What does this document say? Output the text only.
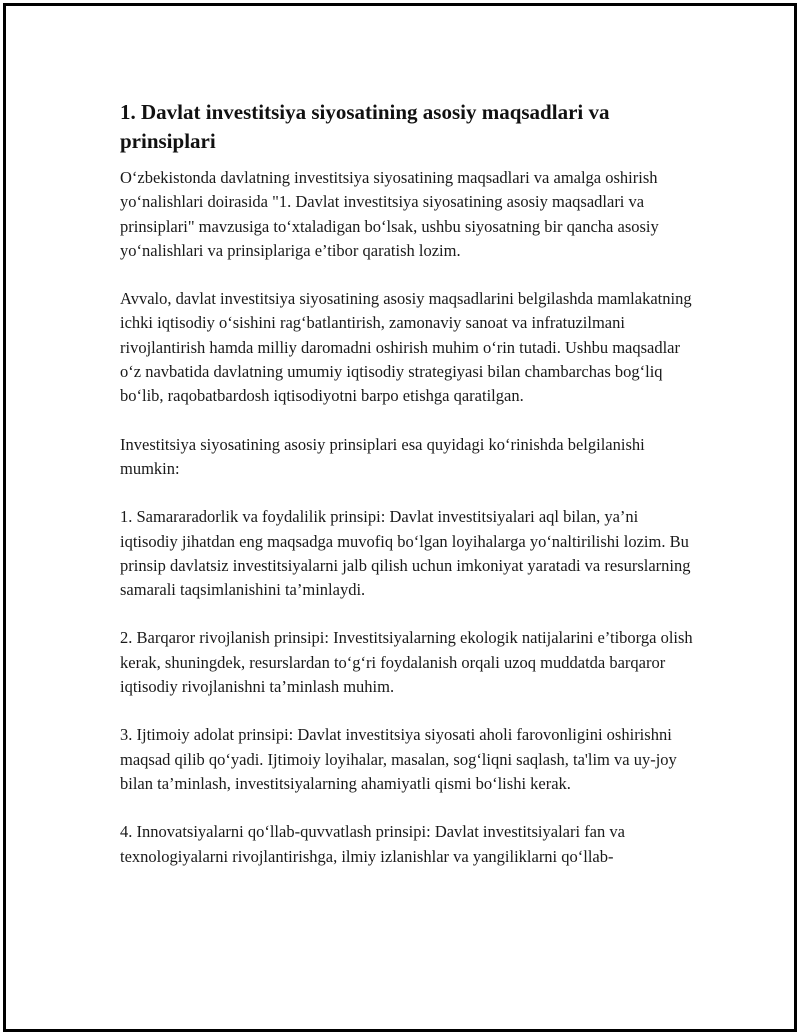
1. Davlat investitsiya siyosatining asosiy maqsadlari va prinsiplari

O‘zbekistonda davlatning investitsiya siyosatining maqsadlari va amalga oshirish yo‘nalishlari doirasida "1. Davlat investitsiya siyosatining asosiy maqsadlari va prinsiplari" mavzusiga to‘xtaladigan bo‘lsak, ushbu siyosatning bir qancha asosiy yo‘nalishlari va prinsiplariga e’tibor qaratish lozim.

Avvalo, davlat investitsiya siyosatining asosiy maqsadlarini belgilashda mamlakatning ichki iqtisodiy o‘sishini rag‘batlantirish, zamonaviy sanoat va infratuzilmani rivojlantirish hamda milliy daromadni oshirish muhim o‘rin tutadi. Ushbu maqsadlar o‘z navbatida davlatning umumiy iqtisodiy strategiyasi bilan chambarchas bog‘liq bo‘lib, raqobatbardosh iqtisodiyotni barpo etishga qaratilgan.

Investitsiya siyosatining asosiy prinsiplari esa quyidagi ko‘rinishda belgilanishi mumkin:

1. Samararadorlik va foydalilik prinsipi: Davlat investitsiyalari aql bilan, ya’ni iqtisodiy jihatdan eng maqsadga muvofiq bo‘lgan loyihalarga yo‘naltirilishi lozim. Bu prinsip davlatsiz investitsiyalarni jalb qilish uchun imkoniyat yaratadi va resurslarning samarali taqsimlanishini ta’minlaydi.

2. Barqaror rivojlanish prinsipi: Investitsiyalarning ekologik natijalarini e’tiborga olish kerak, shuningdek, resurslardan to‘g‘ri foydalanish orqali uzoq muddatda barqaror iqtisodiy rivojlanishni ta’minlash muhim.

3. Ijtimoiy adolat prinsipi: Davlat investitsiya siyosati aholi farovonligini oshirishni maqsad qilib qo‘yadi. Ijtimoiy loyihalar, masalan, sog‘liqni saqlash, ta'lim va uy-joy bilan ta’minlash, investitsiyalarning ahamiyatli qismi bo‘lishi kerak.

4. Innovatsiyalarni qo‘llab-quvvatlash prinsipi: Davlat investitsiyalari fan va texnologiyalarni rivojlantirishga, ilmiy izlanishlar va yangiliklarni qo‘llab-
